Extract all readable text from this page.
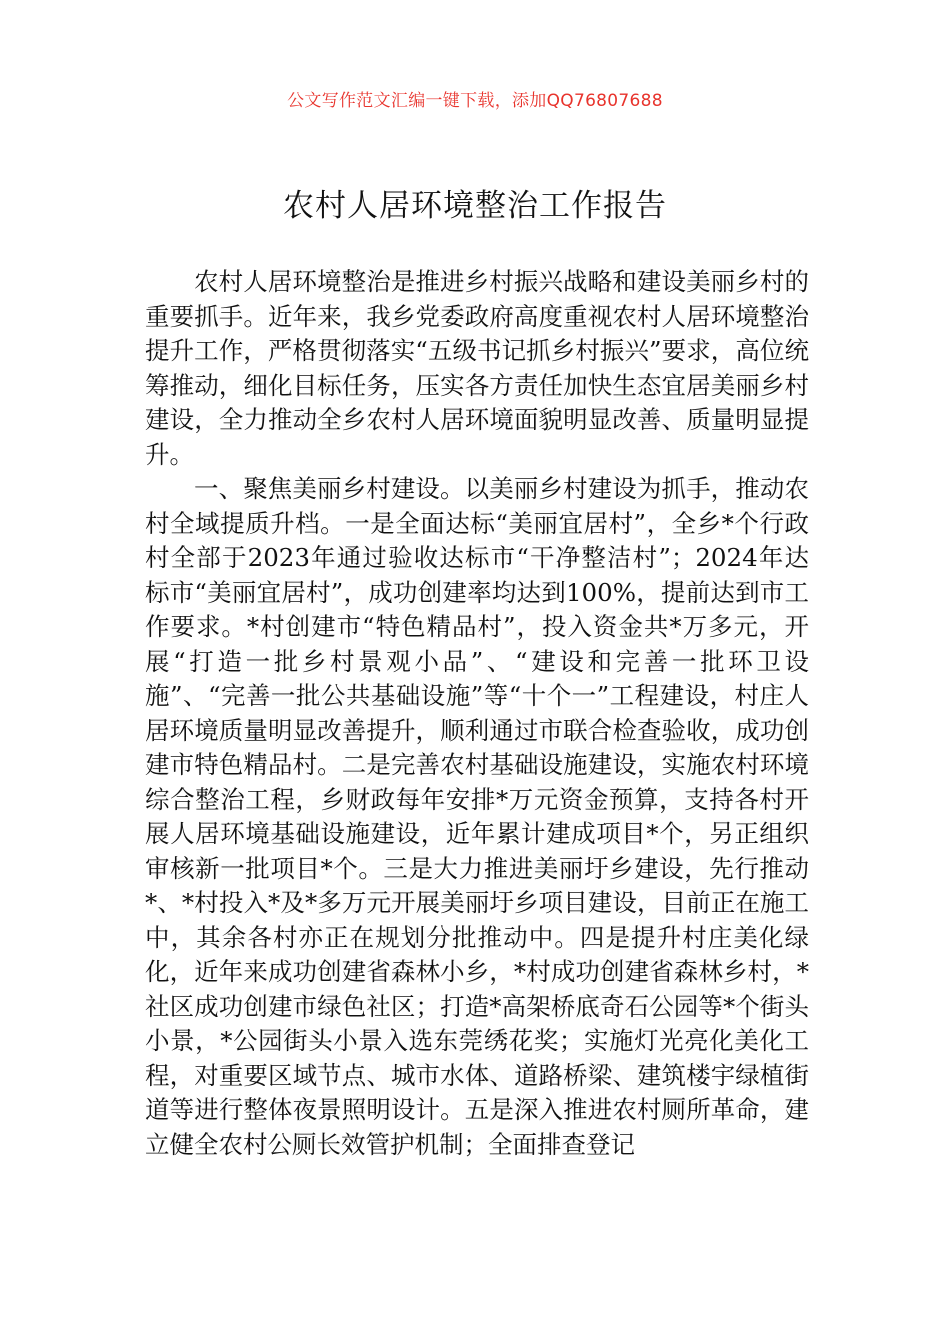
公文写作范文汇编一键下载，添加QQ76807688
农村人居环境整治工作报告

农村人居环境整治是推进乡村振兴战略和建设美丽乡村的重要抓手。近年来，我乡党委政府高度重视农村人居环境整治提升工作，严格贯彻落实“五级书记抓乡村振兴”要求，高位统筹推动，细化目标任务，压实各方责任加快生态宜居美丽乡村建设，全力推动全乡农村人居环境面貌明显改善、质量明显提升。

一、聚焦美丽乡村建设。以美丽乡村建设为抓手，推动农村全域提质升档。一是全面达标“美丽宜居村”，全乡*个行政村全部于2023年通过验收达标市“干净整洁村”；2024年达标市“美丽宜居村”，成功创建率均达到100%，提前达到市工作要求。*村创建市“特色精品村”，投入资金共*万多元，开展“打造一批乡村景观小品”、“建设和完善一批环卫设施”、“完善一批公共基础设施”等“十个一”工程建设，村庄人居环境质量明显改善提升，顺利通过市联合检查验收，成功创建市特色精品村。二是完善农村基础设施建设，实施农村环境综合整治工程，乡财政每年安排*万元资金预算，支持各村开展人居环境基础设施建设，近年累计建成项目*个，另正组织审核新一批项目*个。三是大力推进美丽圩乡建设，先行推动*、*村投入*及*多万元开展美丽圩乡项目建设，目前正在施工中，其余各村亦正在规划分批推动中。四是提升村庄美化绿化，近年来成功创建省森林小乡，*村成功创建省森林乡村，*社区成功创建市绿色社区；打造*高架桥底奇石公园等*个街头小景，*公园街头小景入选东莞绣花奖；实施灯光亮化美化工程，对重要区域节点、城市水体、道路桥梁、建筑楼宇绿植街道等进行整体夜景照明设计。五是深入推进农村厕所革命，建立健全农村公厕长效管护机制；全面排查登记
